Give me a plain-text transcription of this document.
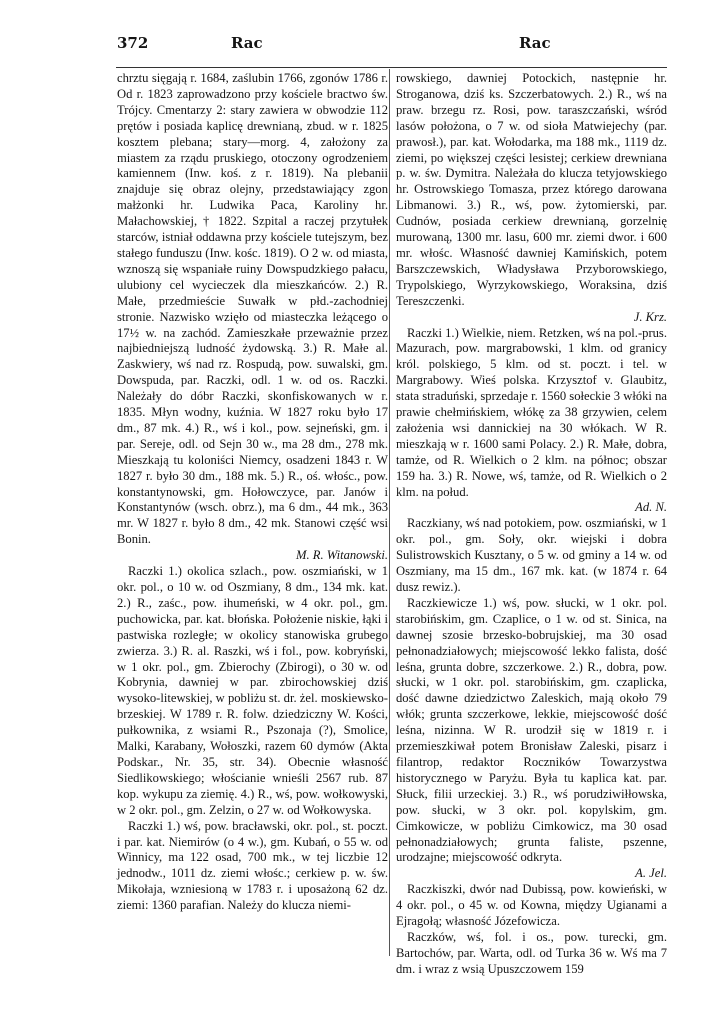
372	Rac	Rac

chrztu sięgają r. 1684, zaślubin 1766, zgonów 1786 r. Od r. 1823 zaprowadzono przy kościele bractwo św. Trójcy. Cmentarzy 2: stary zawiera w obwodzie 112 prętów i posiada kaplicę drewnianą, zbud. w r. 1825 kosztem plebana; stary—morg. 4, założony za miastem za rządu pruskiego, otoczony ogrodzeniem kamiennem (Inw. koś. z r. 1819). Na plebanii znajduje się obraz olejny, przedstawiający zgon małżonki hr. Ludwika Paca, Karoliny hr. Małachowskiej, † 1822. Szpital a raczej przytułek starców, istniał oddawna przy kościele tutejszym, bez stałego funduszu (Inw. kośc. 1819). O 2 w. od miasta, wznoszą się wspaniałe ruiny Dowspudzkiego pałacu, ulubiony cel wycieczek dla mieszkańców. 2.) R. Małe, przedmieście Suwałk w płd.-zachodniej stronie. Nazwisko wzięło od miasteczka leżącego o 17½ w. na zachód. Zamieszkałe przeważnie przez najbiedniejszą ludność żydowską. 3.) R. Małe al. Zaskwiery, wś nad rz. Rospudą, pow. suwalski, gm. Dowspuda, par. Raczki, odl. 1 w. od os. Raczki. Należały do dóbr Raczki, skonfiskowanych w r. 1835. Młyn wodny, kuźnia. W 1827 roku było 17 dm., 87 mk. 4.) R., wś i kol., pow. sejneński, gm. i par. Sereje, odl. od Sejn 30 w., ma 28 dm., 278 mk. Mieszkają tu koloniści Niemcy, osadzeni 1843 r. W 1827 r. było 30 dm., 188 mk. 5.) R., oś. włośc., pow. konstantynowski, gm. Hołowczyce, par. Janów i Konstantynów (wsch. obrz.), ma 6 dm., 44 mk., 363 mr. W 1827 r. było 8 dm., 42 mk. Stanowi część wsi Bonin.
M. R. Witanowski.

Raczki 1.) okolica szlach., pow. oszmiański, w 1 okr. pol., o 10 w. od Oszmiany, 8 dm., 134 mk. kat. 2.) R., zaśc., pow. ihumeński, w 4 okr. pol., gm. puchowicka, par. kat. błońska. Położenie niskie, łąki i pastwiska rozległe; w okolicy stanowiska grubego zwierza. 3.) R. al. Raszki, wś i fol., pow. kobryński, w 1 okr. pol., gm. Zbierochy (Zbirogi), o 30 w. od Kobrynia, dawniej w par. zbirochowskiej dziś wysoko-litewskiej, w pobliżu st. dr. żel. moskiewsko-brzeskiej. W 1789 r. R. folw. dziedziczny W. Kości, pułkownika, z wsiami R., Pszonaja (?), Smolice, Malki, Karabany, Wołoszki, razem 60 dymów (Akta Podskar., Nr. 35, str. 34). Obecnie własność Siedlikowskiego; włościanie wnieśli 2567 rub. 87 kop. wykupu za ziemię. 4.) R., wś, pow. wołkowyski, w 2 okr. pol., gm. Zelzin, o 27 w. od Wołkowyska.

Raczki 1.) wś, pow. bracławski, okr. pol., st. poczt. i par. kat. Niemirów (o 4 w.), gm. Kubań, o 55 w. od Winnicy, ma 122 osad, 700 mk., w tej liczbie 12 jednodw., 1011 dz. ziemi włośc.; cerkiew p. w. św. Mikołaja, wzniesioną w 1783 r. i uposażoną 62 dz. ziemi: 1360 parafian. Należy do klucza niemi-

rowskiego, dawniej Potockich, następnie hr. Stroganowa, dziś ks. Szczerbatowych. 2.) R., wś na praw. brzegu rz. Rosi, pow. taraszczański, wśród lasów położona, o 7 w. od sioła Matwiejechy (par. prawosł.), par. kat. Wołodarka, ma 188 mk., 1119 dz. ziemi, po większej części lesistej; cerkiew drewniana p. w. św. Dymitra. Należała do klucza tetyjowskiego hr. Ostrowskiego Tomasza, przez którego darowana Libmanowi. 3.) R., wś, pow. żytomierski, par. Cudnów, posiada cerkiew drewnianą, gorzelnię murowaną, 1300 mr. lasu, 600 mr. ziemi dwor. i 600 mr. włośc. Własność dawniej Kamińskich, potem Barszczewskich, Władysława Przyborowskiego, Trypolskiego, Wyrzykowskiego, Woraksina, dziś Tereszczenki.
J. Krz.

Raczki 1.) Wielkie, niem. Retzken, wś na pol.-prus. Mazurach, pow. margrabowski, 1 klm. od granicy król. polskiego, 5 klm. od st. poczt. i tel. w Margrabowy. Wieś polska. Krzysztof v. Glaubitz, stata straduński, sprzedaje r. 1560 sołeckie 3 włóki na prawie chełmińskiem, włókę za 38 grzywien, celem założenia wsi dannickiej na 30 włókach. W R. mieszkają w r. 1600 sami Polacy. 2.) R. Małe, dobra, tamże, od R. Wielkich o 2 klm. na północ; obszar 159 ha. 3.) R. Nowe, wś, tamże, od R. Wielkich o 2 klm. na połud.
Ad. N.

Raczkiany, wś nad potokiem, pow. oszmiański, w 1 okr. pol., gm. Soły, okr. wiejski i dobra Sulistrowskich Kusztany, o 5 w. od gminy a 14 w. od Oszmiany, ma 15 dm., 167 mk. kat. (w 1874 r. 64 dusz rewiz.).

Raczkiewicze 1.) wś, pow. słucki, w 1 okr. pol. starobińskim, gm. Czaplice, o 1 w. od st. Sinica, na dawnej szosie brzesko-bobrujskiej, ma 30 osad pełnonadziałowych; miejscowość lekko falista, dość leśna, grunta dobre, szczerkowe. 2.) R., dobra, pow. słucki, w 1 okr. pol. starobińskim, gm. czaplicka, dość dawne dziedzictwo Zaleskich, mają około 79 włók; grunta szczerkowe, lekkie, miejscowość dość leśna, nizinna. W R. urodził się w 1819 r. i przemieszkiwał potem Bronisław Zaleski, pisarz i filantrop, redaktor Roczników Towarzystwa historycznego w Paryżu. Była tu kaplica kat. par. Słuck, filii urzeckiej. 3.) R., wś porudziwiłłowska, pow. słucki, w 3 okr. pol. kopylskim, gm. Cimkowicze, w pobliżu Cimkowicz, ma 30 osad pełnonadziałowych; grunta faliste, pszenne, urodzajne; miejscowość odkryta.
A. Jel.

Raczkiszki, dwór nad Dubissą, pow. kowieński, w 4 okr. pol., o 45 w. od Kowna, między Ugianami a Ejragołą; własność Józefowicza.

Raczków, wś, fol. i os., pow. turecki, gm. Bartochów, par. Warta, odl. od Turka 36 w. Wś ma 7 dm. i wraz z wsią Upuszczowem 159
